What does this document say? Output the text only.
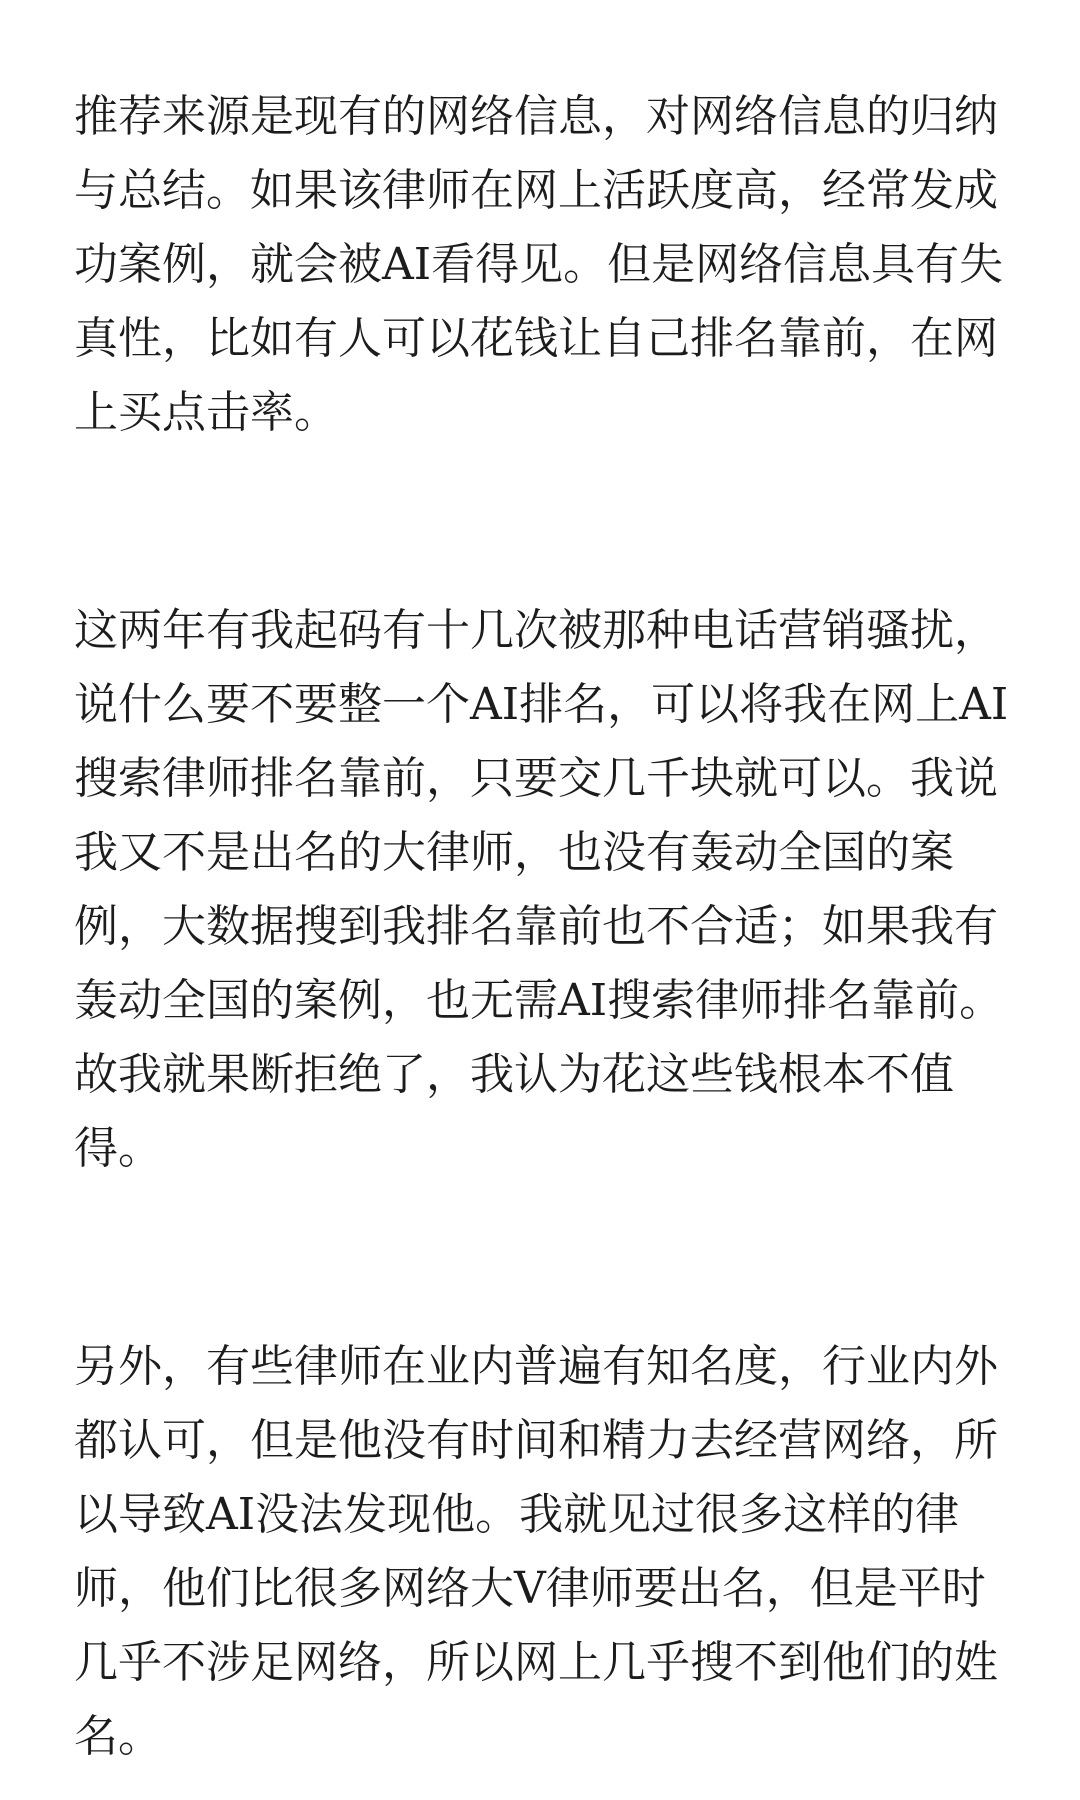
推荐来源是现有的网络信息，对网络信息的归纳与总结。如果该律师在网上活跃度高，经常发成功案例，就会被AI看得见。但是网络信息具有失真性，比如有人可以花钱让自己排名靠前，在网上买点击率。

这两年有我起码有十几次被那种电话营销骚扰，说什么要不要整一个AI排名，可以将我在网上AI搜索律师排名靠前，只要交几千块就可以。我说我又不是出名的大律师，也没有轰动全国的案例，大数据搜到我排名靠前也不合适；如果我有轰动全国的案例，也无需AI搜索律师排名靠前。故我就果断拒绝了，我认为花这些钱根本不值得。

另外，有些律师在业内普遍有知名度，行业内外都认可，但是他没有时间和精力去经营网络，所以导致AI没法发现他。我就见过很多这样的律师，他们比很多网络大V律师要出名，但是平时几乎不涉足网络，所以网上几乎搜不到他们的姓名。
